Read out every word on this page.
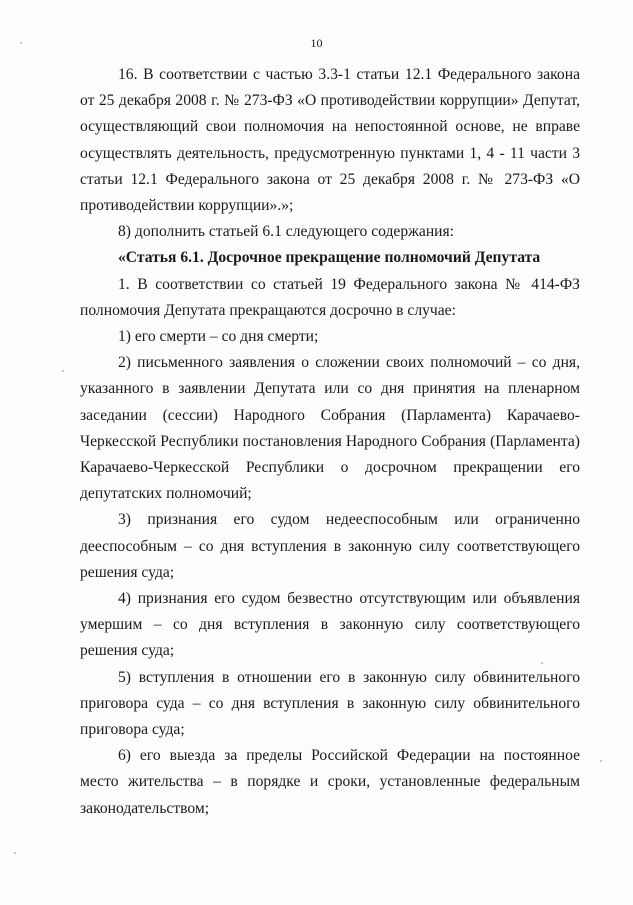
10

16. В соответствии с частью 3.3-1 статьи 12.1 Федерального закона от 25 декабря 2008 г. № 273-ФЗ «О противодействии коррупции» Депутат, осуществляющий свои полномочия на непостоянной основе, не вправе осуществлять деятельность, предусмотренную пунктами 1, 4 - 11 части 3 статьи 12.1 Федерального закона от 25 декабря 2008 г. № 273-ФЗ «О противодействии коррупции».»;

8) дополнить статьей 6.1 следующего содержания:

«Статья 6.1. Досрочное прекращение полномочий Депутата

1. В соответствии со статьей 19 Федерального закона № 414-ФЗ полномочия Депутата прекращаются досрочно в случае:

1) его смерти – со дня смерти;

2) письменного заявления о сложении своих полномочий – со дня, указанного в заявлении Депутата или со дня принятия на пленарном заседании (сессии) Народного Собрания (Парламента) Карачаево-Черкесской Республики постановления Народного Собрания (Парламента) Карачаево-Черкесской Республики о досрочном прекращении его депутатских полномочий;

3) признания его судом недееспособным или ограниченно дееспособным – со дня вступления в законную силу соответствующего решения суда;

4) признания его судом безвестно отсутствующим или объявления умершим – со дня вступления в законную силу соответствующего решения суда;

5) вступления в отношении его в законную силу обвинительного приговора суда – со дня вступления в законную силу обвинительного приговора суда;

6) его выезда за пределы Российской Федерации на постоянное место жительства – в порядке и сроки, установленные федеральным законодательством;
